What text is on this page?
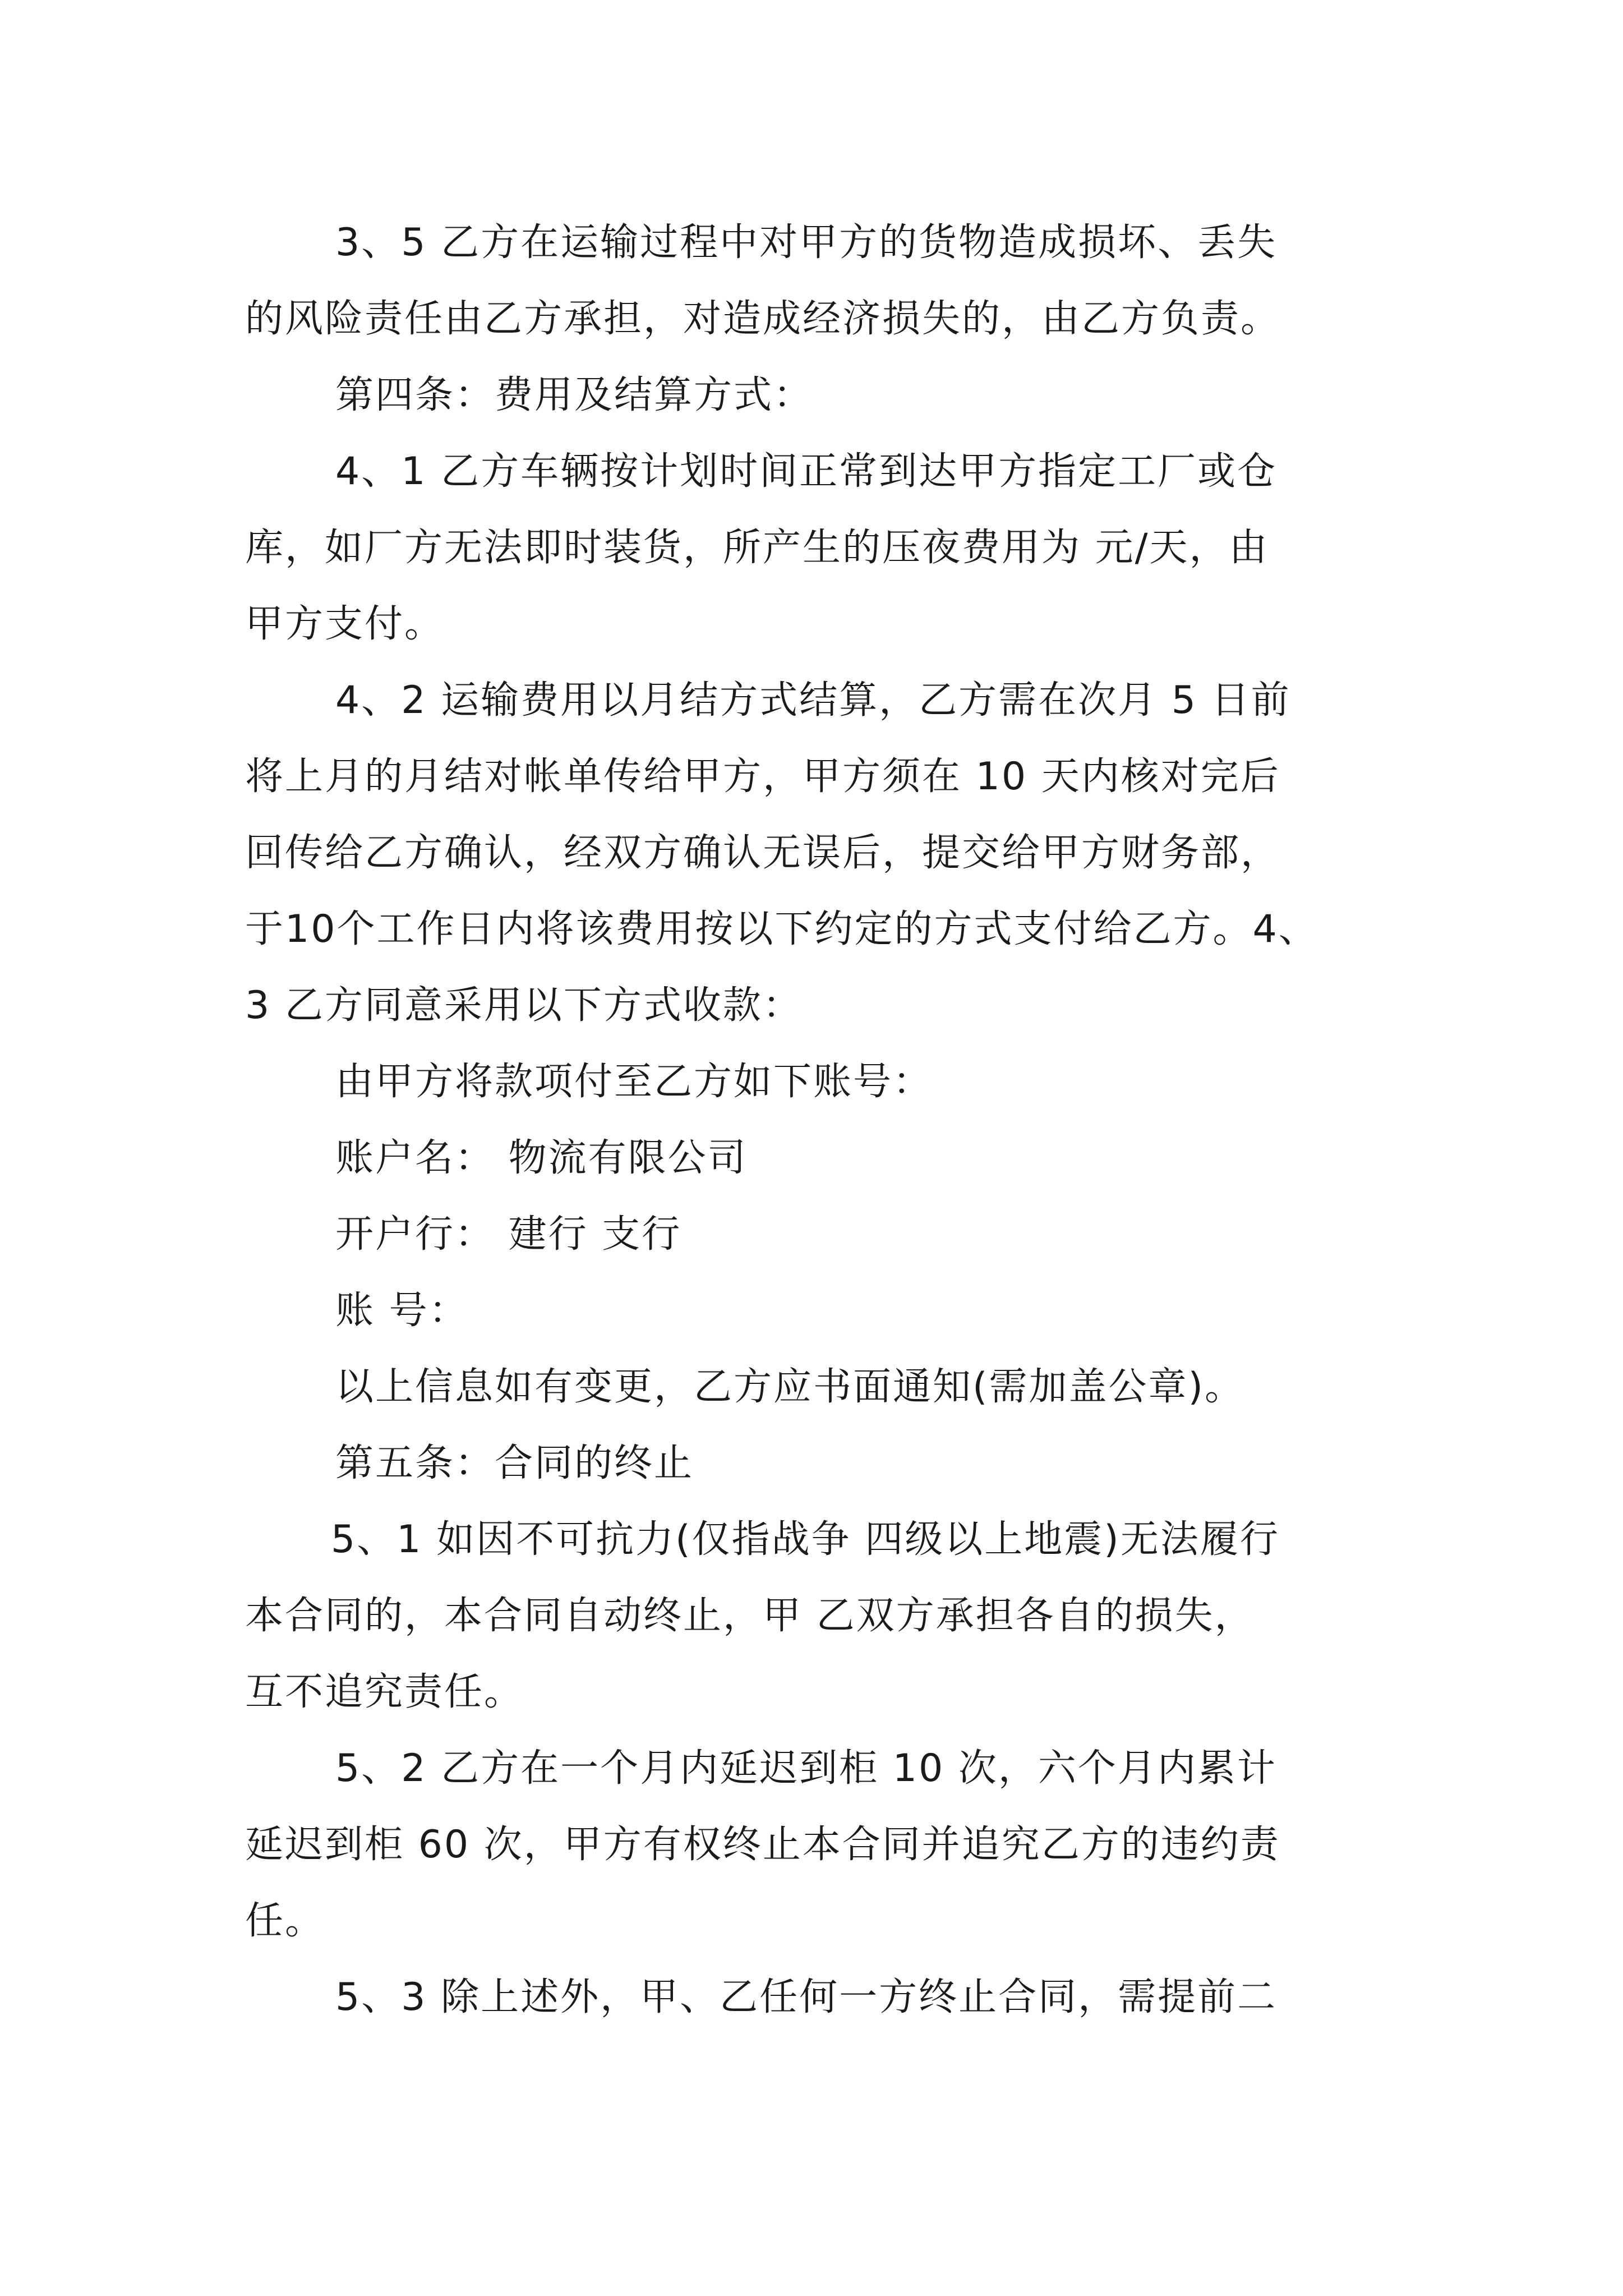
3、5 乙方在运输过程中对甲方的货物造成损坏、丢失

的风险责任由乙方承担，对造成经济损失的，由乙方负责。

第四条：费用及结算方式：

4、1 乙方车辆按计划时间正常到达甲方指定工厂或仓

库，如厂方无法即时装货，所产生的压夜费用为 元/天，由

甲方支付。

4、2 运输费用以月结方式结算，乙方需在次月 5 日前

将上月的月结对帐单传给甲方，甲方须在 10 天内核对完后

回传给乙方确认，经双方确认无误后，提交给甲方财务部，

于10个工作日内将该费用按以下约定的方式支付给乙方。4、

3 乙方同意采用以下方式收款：

由甲方将款项付至乙方如下账号：

账户名： 物流有限公司

开户行： 建行 支行

账 号：

以上信息如有变更，乙方应书面通知(需加盖公章)。

第五条：合同的终止

5、1 如因不可抗力(仅指战争 四级以上地震)无法履行

本合同的，本合同自动终止，甲 乙双方承担各自的损失，

互不追究责任。

5、2 乙方在一个月内延迟到柜 10 次，六个月内累计

延迟到柜 60 次，甲方有权终止本合同并追究乙方的违约责

任。

5、3 除上述外，甲、乙任何一方终止合同，需提前二
